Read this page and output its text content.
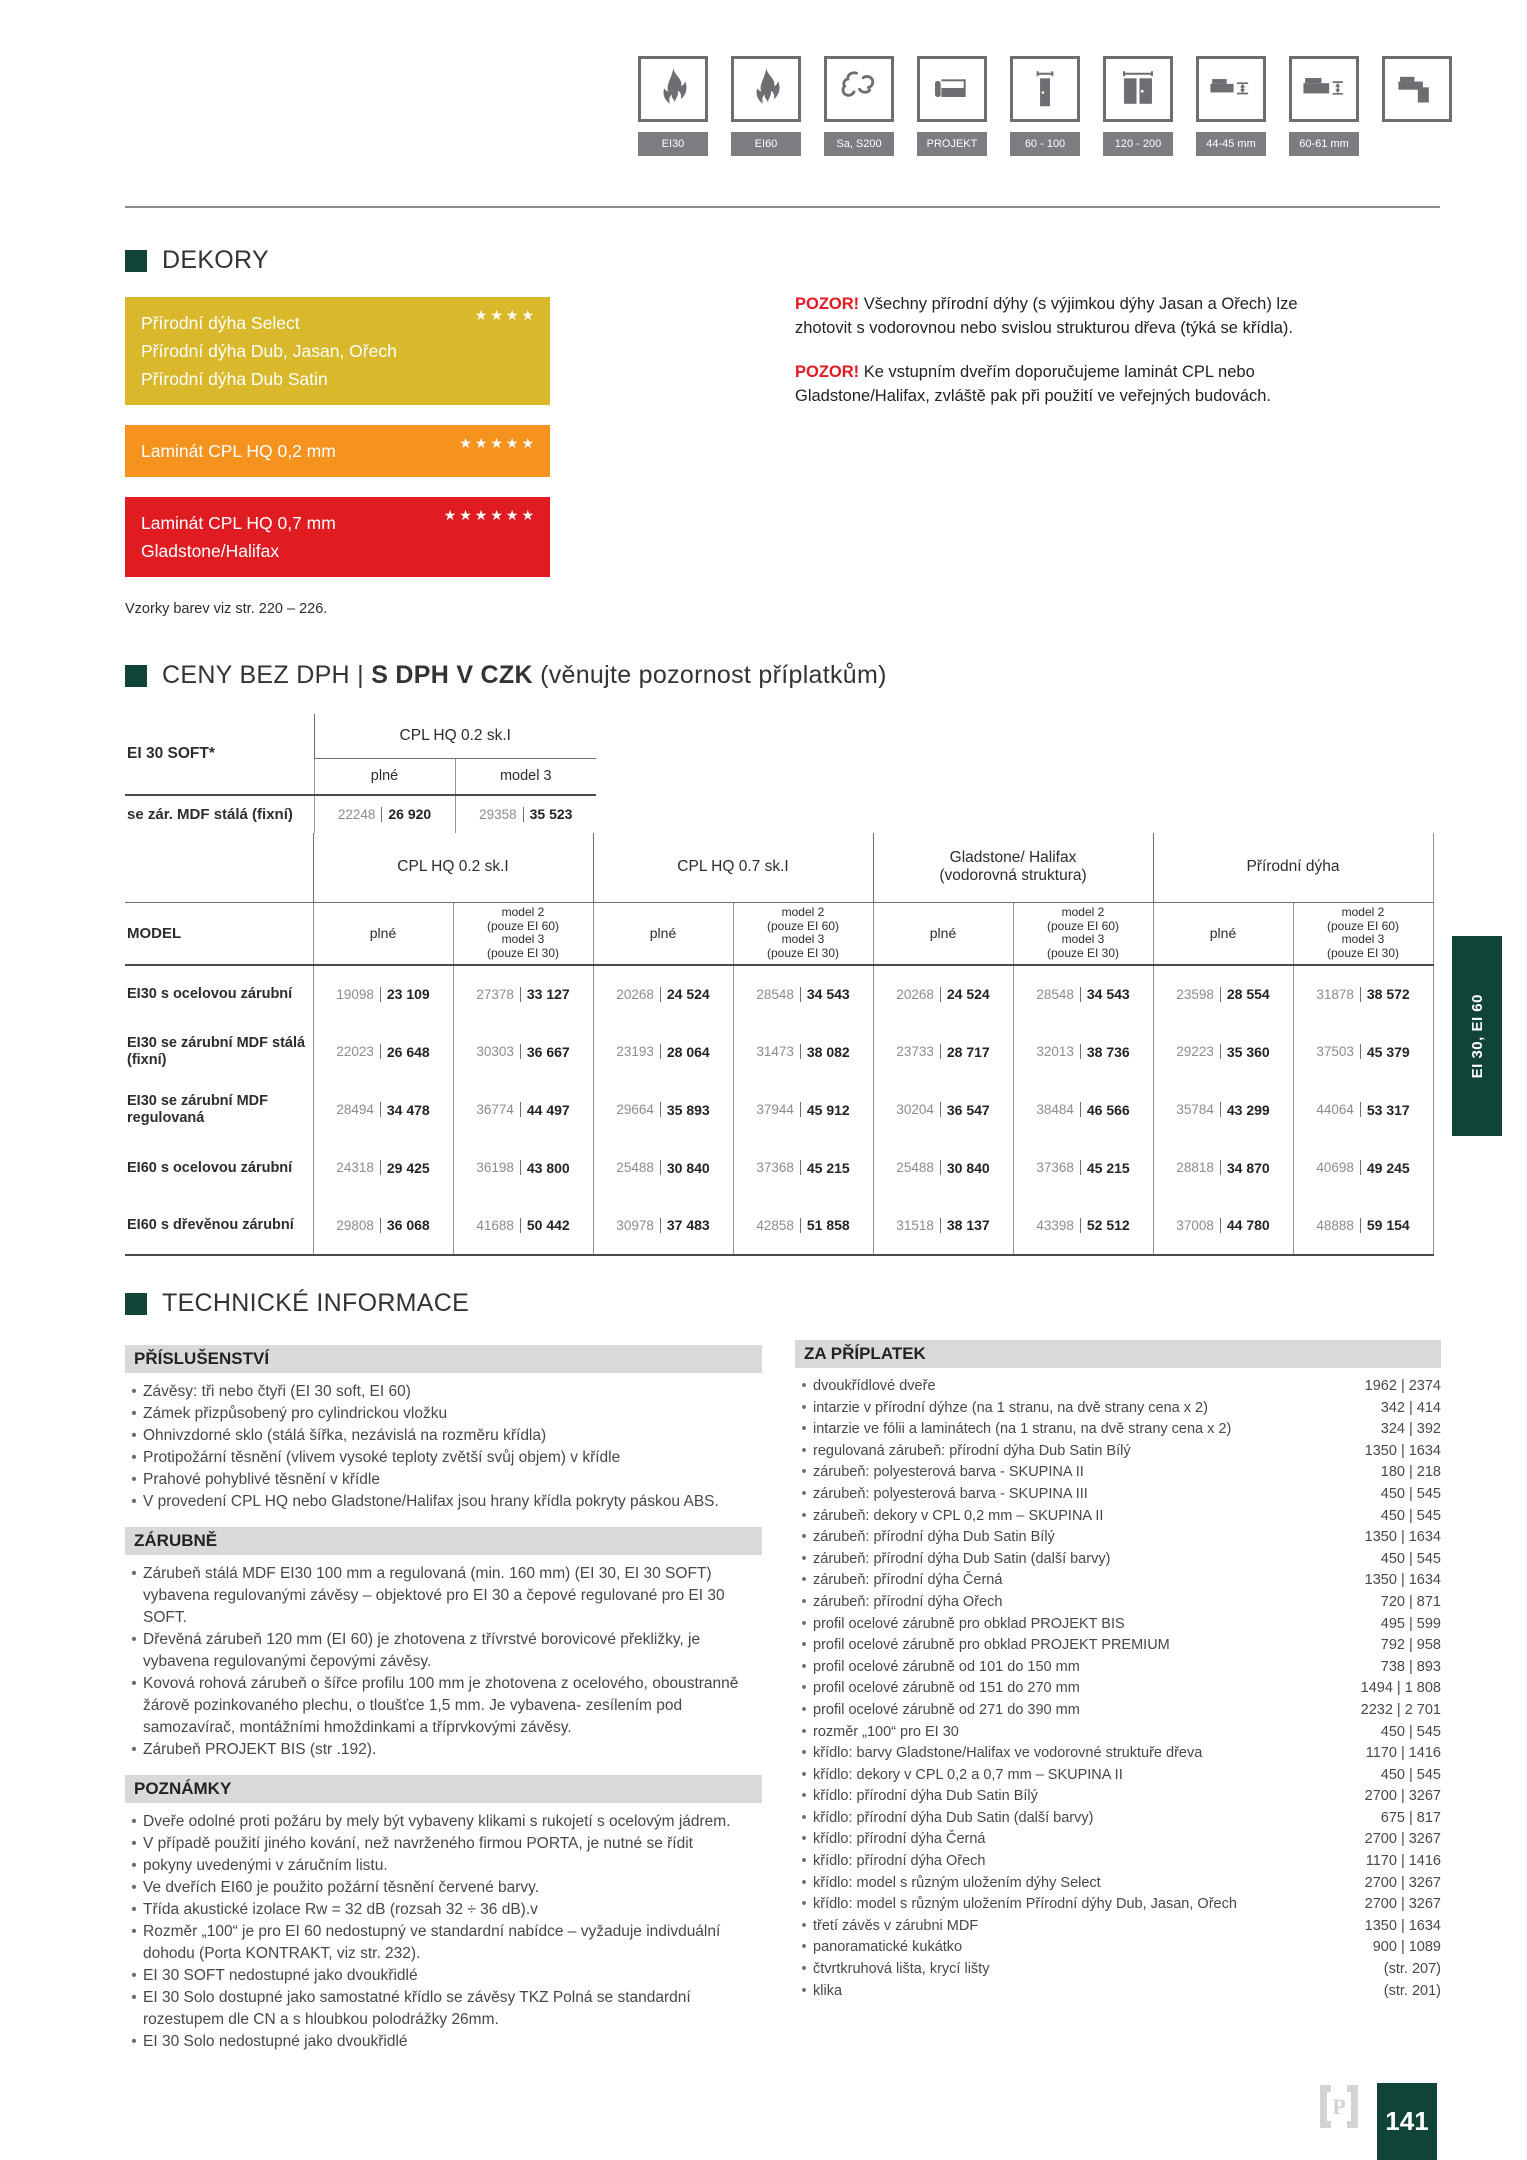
EI30	EI60	Sa, S200	PROJEKT	60 - 100	120 - 200	44-45 mm	60-61 mm
DEKORY
★★★★
Přírodní dýha Select
Přírodní dýha Dub, Jasan, Ořech
Přírodní dýha Dub Satin
★★★★★
Laminát CPL HQ 0,2 mm
★★★★★★
Laminát CPL HQ 0,7 mm
Gladstone/Halifax
Vzorky barev viz str. 220 – 226.
POZOR! Všechny přírodní dýhy (s výjimkou dýhy Jasan a Ořech) lze zhotovit s vodorovnou nebo svislou strukturou dřeva (týká se křídla).
POZOR! Ke vstupním dveřím doporučujeme laminát CPL nebo Gladstone/Halifax, zvláště pak při použití ve veřejných budovách.
CENY BEZ DPH | S DPH V CZK (věnujte pozornost příplatkům)
EI 30 SOFT*	CPL HQ 0.2 sk.I	
	plné	model 3
se zár. MDF stálá (fixní)	22248 26 920	29358 35 523

	CPL HQ 0.2 sk.I		CPL HQ 0.7 sk.I		Gladstone/ Halifax
(vodorovná struktura)		Přírodní dýha	

MODEL	plné	
model 2
(pouze EI 60)
model 3
(pouze EI 30)
	plné	
model 2
(pouze EI 60)
model 3
(pouze EI 30)
	plné	
model 2
(pouze EI 60)
model 3
(pouze EI 30)
	plné	
model 2
(pouze EI 60)
model 3
(pouze EI 30)

EI30 s ocelovou zárubní	19098 23 109	27378 33 127	20268 24 524	28548 34 543	20268 24 524	28548 34 543	23598 28 554	31878 38 572

EI30 se zárubní MDF stálá (fixní)	22023 26 648	30303 36 667	23193 28 064	31473 38 082	23733 28 717	32013 38 736	29223 35 360	37503 45 379

EI30 se zárubní MDF regulovaná	28494 34 478	36774 44 497	29664 35 893	37944 45 912	30204 36 547	38484 46 566	35784 43 299	44064 53 317

EI60 s ocelovou zárubní	24318 29 425	36198 43 800	25488 30 840	37368 45 215	25488 30 840	37368 45 215	28818 34 870	40698 49 245

EI60 s dřevěnou zárubní	29808 36 068	41688 50 442	30978 37 483	42858 51 858	31518 38 137	43398 52 512	37008 44 780	48888 59 154
EI 30, EI 60
TECHNICKÉ INFORMACE
PŘÍSLUŠENSTVÍ
• Závěsy: tři nebo čtyři (EI 30 soft, EI 60)
• Zámek přizpůsobený pro cylindrickou vložku
• Ohnivzdorné sklo (stálá šířka, nezávislá na rozměru křídla)
• Protipožární těsnění (vlivem vysoké teploty zvětší svůj objem) v křídle
• Prahové pohyblivé těsnění v křídle
• V provedení CPL HQ nebo Gladstone/Halifax jsou hrany křídla pokryty páskou ABS.
ZÁRUBNĚ
• Zárubeň stálá MDF EI30 100 mm a regulovaná (min. 160 mm) (EI 30, EI 30 SOFT) vybavena regulovanými závěsy – objektové pro EI 30 a čepové regulované pro EI 30 SOFT.
• Dřevěná zárubeň 120 mm (EI 60) je zhotovena z třívrstvé borovicové překližky, je vybavena regulovanými čepovými závěsy.
• Kovová rohová zárubeň o šířce profilu 100 mm je zhotovena z ocelového, oboustranně žárově pozinkovaného plechu, o tloušťce 1,5 mm. Je vybavena- zesílením pod samozavírač, montážními hmoždinkami a tříprvkovými závěsy.
• Zárubeň PROJEKT BIS (str .192).
POZNÁMKY
• Dveře odolné proti požáru by mely být vybaveny klikami s rukojetí s ocelovým jádrem.
• V případě použití jiného kování, než navrženého firmou PORTA, je nutné se řídit
• pokyny uvedenými v záručním listu.
• Ve dveřích EI60 je použito požární těsnění červené barvy.
• Třída akustické izolace Rw = 32 dB (rozsah 32 ÷ 36 dB).v
• Rozměr „100“ je pro EI 60 nedostupný ve standardní nabídce – vyžaduje indivduální dohodu (Porta KONTRAKT, viz str. 232).
• EI 30 SOFT nedostupné jako dvoukřidlé
• EI 30 Solo dostupné jako samostatné křídlo se závěsy TKZ Polná se standardní rozestupem dle CN a s hloubkou polodrážky 26mm.
• EI 30 Solo nedostupné jako dvoukřidlé
ZA PŘÍPLATEK
• dvoukřídlové dveře	1962 | 2374
• intarzie v přírodní dýhze (na 1 stranu, na dvě strany cena x 2)	342 | 414
• intarzie ve fólii a laminátech (na 1 stranu, na dvě strany cena x 2)	324 | 392
• regulovaná zárubeň: přírodní dýha Dub Satin Bílý	1350 | 1634
• zárubeň: polyesterová barva - SKUPINA II	180 | 218
• zárubeň: polyesterová barva - SKUPINA III	450 | 545
• zárubeň: dekory v CPL 0,2 mm – SKUPINA II	450 | 545
• zárubeň: přírodní dýha Dub Satin Bílý	1350 | 1634
• zárubeň: přírodní dýha Dub Satin (další barvy)	450 | 545
• zárubeň: přírodní dýha Černá	1350 | 1634
• zárubeň: přírodní dýha Ořech	720 | 871
• profil ocelové zárubně pro obklad PROJEKT BIS	495 | 599
• profil ocelové zárubně pro obklad PROJEKT PREMIUM	792 | 958
• profil ocelové zárubně od 101 do 150 mm	738 | 893
• profil ocelové zárubně od 151 do 270 mm	1494 | 1 808
• profil ocelové zárubně od 271 do 390 mm	2232 | 2 701
• rozměr „100“ pro EI 30	450 | 545
• křídlo: barvy Gladstone/Halifax ve vodorovné struktuře dřeva	1170 | 1416
• křídlo: dekory v CPL 0,2 a 0,7 mm – SKUPINA II	450 | 545
• křídlo: přírodní dýha Dub Satin Bílý	2700 | 3267
• křídlo: přírodní dýha Dub Satin (další barvy)	675 | 817
• křídlo: přírodní dýha Černá	2700 | 3267
• křídlo: přírodní dýha Ořech	1170 | 1416
• křídlo: model s různým uložením dýhy Select	2700 | 3267
• křídlo: model s různým uložením Přírodní dýhy Dub, Jasan, Ořech	2700 | 3267
• třetí závěs v zárubni MDF	1350 | 1634
• panoramatické kukátko	900 | 1089
• čtvrtkruhová lišta, krycí lišty	(str. 207)
• klika	(str. 201)
P 141
